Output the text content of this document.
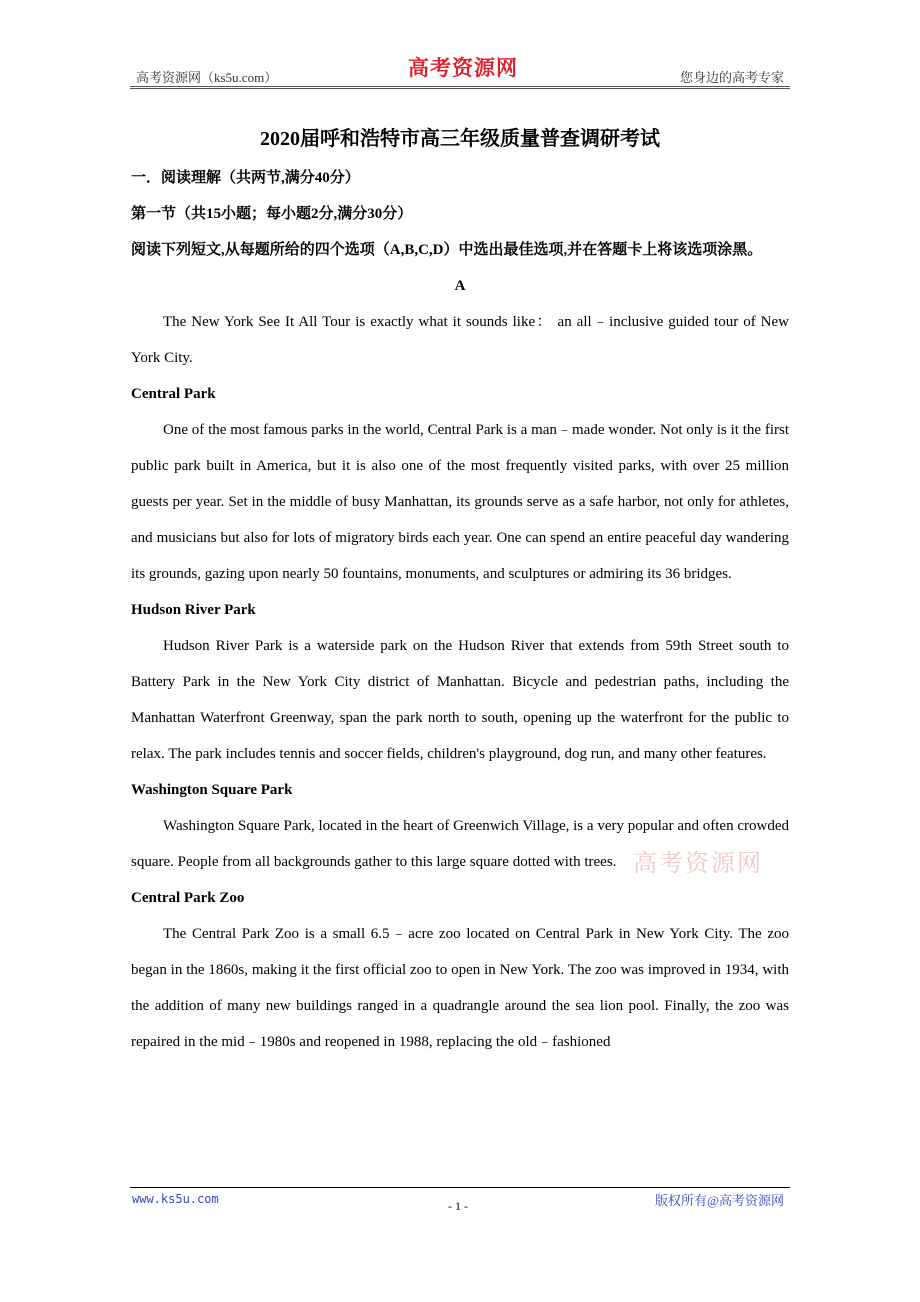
高考资源网（ks5u.com）	高考资源网	您身边的高考专家
2020届呼和浩特市高三年级质量普查调研考试

一．阅读理解（共两节,满分40分）

第一节（共15小题；每小题2分,满分30分）

阅读下列短文,从每题所给的四个选项（A,B,C,D）中选出最佳选项,并在答题卡上将该选项涂黑。

A

The New York See It All Tour is exactly what it sounds like： an all﹣inclusive guided tour of New York City.

Central Park

One of the most famous parks in the world, Central Park is a man﹣made wonder. Not only is it the first public park built in America, but it is also one of the most frequently visited parks, with over 25 million guests per year. Set in the middle of busy Manhattan, its grounds serve as a safe harbor, not only for athletes, and musicians but also for lots of migratory birds each year. One can spend an entire peaceful day wandering its grounds, gazing upon nearly 50 fountains, monuments, and sculptures or admiring its 36 bridges.

Hudson River Park

Hudson River Park is a waterside park on the Hudson River that extends from 59th Street south to Battery Park in the New York City district of Manhattan. Bicycle and pedestrian paths, including the Manhattan Waterfront Greenway, span the park north to south, opening up the waterfront for the public to relax. The park includes tennis and soccer fields, children's playground, dog run, and many other features.

Washington Square Park

Washington Square Park, located in the heart of Greenwich Village, is a very popular and often crowded square. People from all backgrounds gather to this large square dotted with trees.

Central Park Zoo

The Central Park Zoo is a small 6.5﹣acre zoo located on Central Park in New York City. The zoo began in the 1860s, making it the first official zoo to open in New York. The zoo was improved in 1934, with the addition of many new buildings ranged in a quadrangle around the sea lion pool. Finally, the zoo was repaired in the mid﹣1980s and reopened in 1988, replacing the old﹣fashioned

高考资源网
www.ks5u.com	- 1 -	版权所有@高考资源网
